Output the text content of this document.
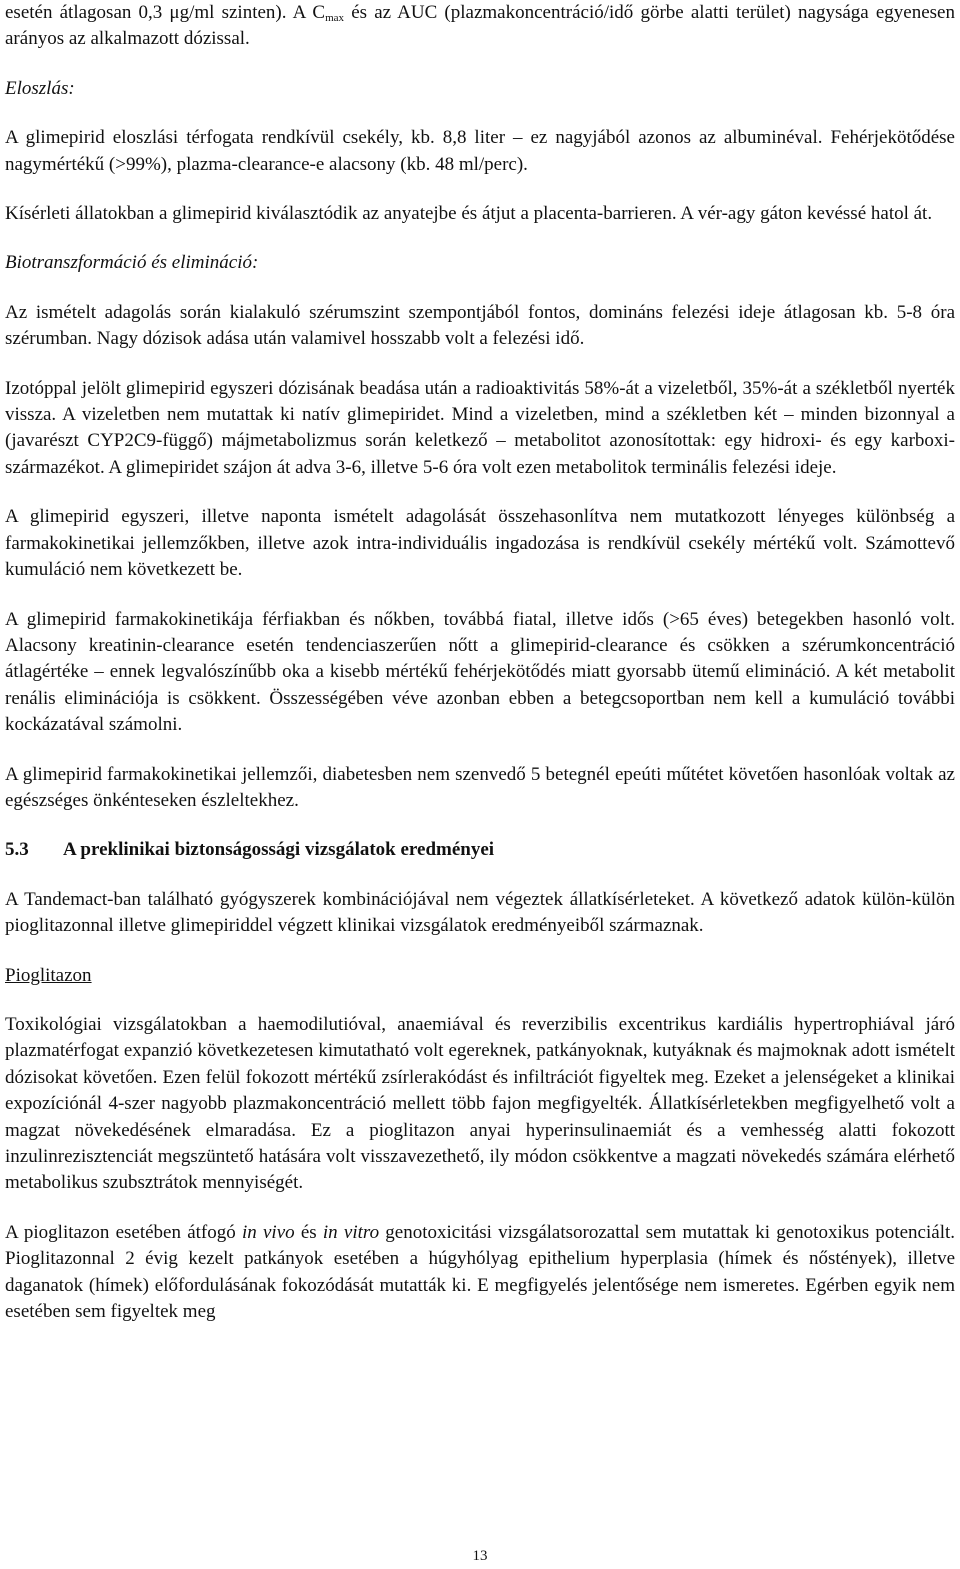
esetén átlagosan 0,3 μg/ml szinten). A $C_{max}$ és az AUC (plazmakoncentráció/idő görbe alatti terület) nagysága egyenesen arányos az alkalmazott dózissal.

Eloszlás:

A glimepirid eloszlási térfogata rendkívül csekély, kb. 8,8 liter – ez nagyjából azonos az albuminéval. Fehérjekötődése nagymértékű (>99%), plazma-clearance-e alacsony (kb. 48 ml/perc).

Kísérleti állatokban a glimepirid kiválasztódik az anyatejbe és átjut a placenta-barrieren. A vér-agy gáton kevéssé hatol át.

Biotranszformáció és elimináció:

Az ismételt adagolás során kialakuló szérumszint szempontjából fontos, domináns felezési ideje átlagosan kb. 5-8 óra szérumban. Nagy dózisok adása után valamivel hosszabb volt a felezési idő.

Izotóppal jelölt glimepirid egyszeri dózisának beadása után a radioaktivitás 58%-át a vizeletből, 35%-át a székletből nyerték vissza. A vizeletben nem mutattak ki natív glimepiridet. Mind a vizeletben, mind a székletben két – minden bizonnyal a (javarészt CYP2C9-függő) májmetabolizmus során keletkező – metabolitot azonosítottak: egy hidroxi- és egy karboxi-származékot. A glimepiridet szájon át adva 3-6, illetve 5-6 óra volt ezen metabolitok terminális felezési ideje.

A glimepirid egyszeri, illetve naponta ismételt adagolását összehasonlítva nem mutatkozott lényeges különbség a farmakokinetikai jellemzőkben, illetve azok intra-individuális ingadozása is rendkívül csekély mértékű volt. Számottevő kumuláció nem következett be.

A glimepirid farmakokinetikája férfiakban és nőkben, továbbá fiatal, illetve idős (>65 éves) betegekben hasonló volt. Alacsony kreatinin-clearance esetén tendenciaszerűen nőtt a glimepirid-clearance és csökken a szérumkoncentráció átlagértéke – ennek legvalószínűbb oka a kisebb mértékű fehérjekötődés miatt gyorsabb ütemű elimináció. A két metabolit renális eliminációja is csökkent. Összességében véve azonban ebben a betegcsoportban nem kell a kumuláció további kockázatával számolni.

A glimepirid farmakokinetikai jellemzői, diabetesben nem szenvedő 5 betegnél epeúti műtétet követően hasonlóak voltak az egészséges önkénteseken észleltekhez.

5.3	A preklinikai biztonságossági vizsgálatok eredményei

A Tandemact-ban található gyógyszerek kombinációjával nem végeztek állatkísérleteket. A következő adatok külön-külön pioglitazonnal illetve glimepiriddel végzett klinikai vizsgálatok eredményeiből származnak.

Pioglitazon

Toxikológiai vizsgálatokban a haemodilutióval, anaemiával és reverzibilis excentrikus kardiális hypertrophiával járó plazmatérfogat expanzió következetesen kimutatható volt egereknek, patkányoknak, kutyáknak és majmoknak adott ismételt dózisokat követően. Ezen felül fokozott mértékű zsírlerakódást és infiltrációt figyeltek meg. Ezeket a jelenségeket a klinikai expozíciónál 4-szer nagyobb plazmakoncentráció mellett több fajon megfigyelték. Állatkísérletekben megfigyelhető volt a magzat növekedésének elmaradása. Ez a pioglitazon anyai hyperinsulinaemiát és a vemhesség alatti fokozott inzulinrezisztenciát megszüntető hatására volt visszavezethető, ily módon csökkentve a magzati növekedés számára elérhető metabolikus szubsztrátok mennyiségét.

A pioglitazon esetében átfogó in vivo és in vitro genotoxicitási vizsgálatsorozattal sem mutattak ki genotoxikus potenciált. Pioglitazonnal 2 évig kezelt patkányok esetében a húgyhólyag epithelium hyperplasia (hímek és nőstények), illetve daganatok (hímek) előfordulásának fokozódását mutatták ki. E megfigyelés jelentősége nem ismeretes. Egérben egyik nem esetében sem figyeltek meg

13
